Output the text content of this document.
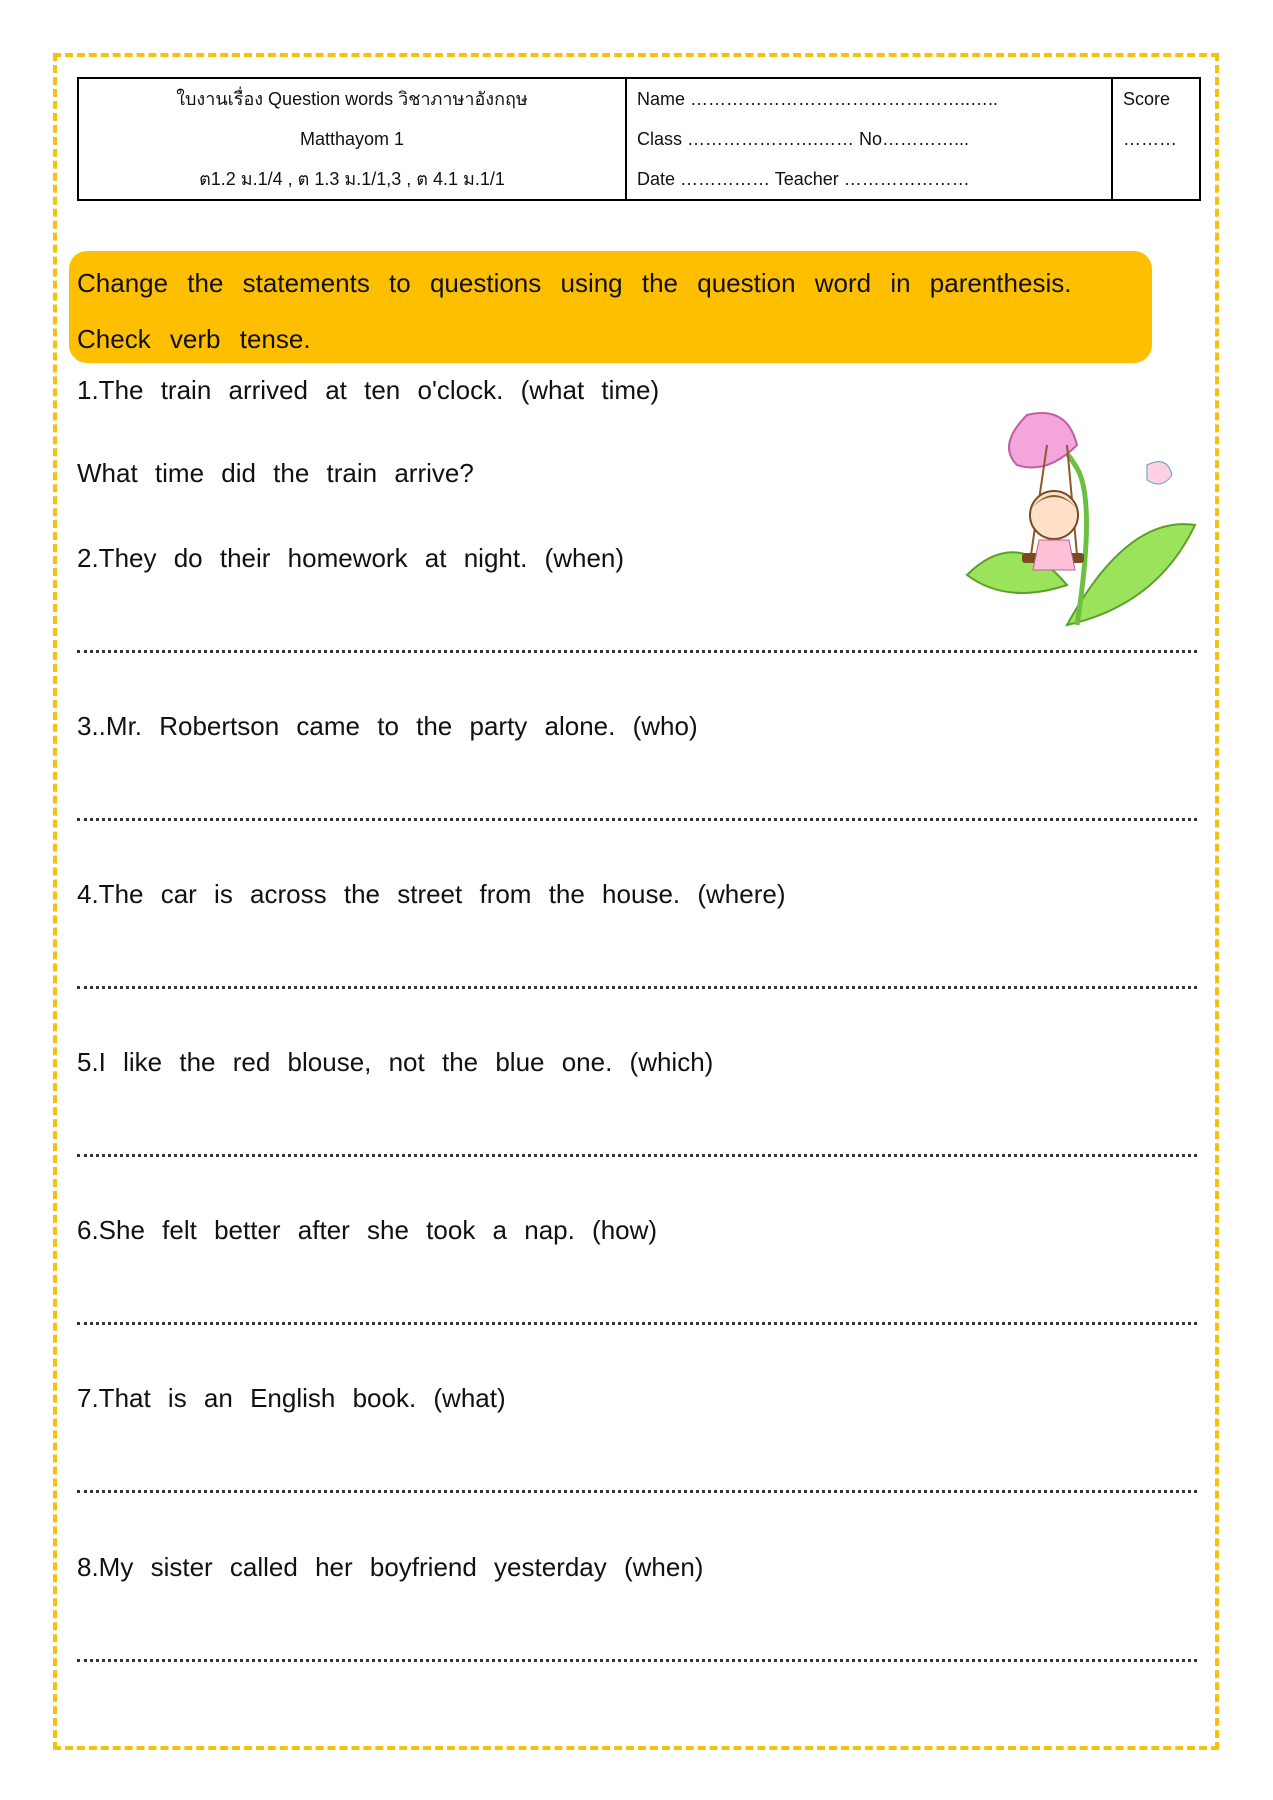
ใบงานเรื่อง Question words วิชาภาษาอังกฤษ
Matthayom 1
ต1.2 ม.1/4 , ต 1.3 ม.1/1,3 , ต 4.1 ม.1/1
Name ………………………………………..…..
Class ………………….…… No…………...
Date …………… Teacher …………………
Score
………
Change the statements to questions using the question word in parenthesis.
Check verb tense.
1.The train arrived at ten o'clock. (what time)
What time did the train arrive?
2.They do their homework at night. (when)
3..Mr. Robertson came to the party alone. (who)
4.The car is across the street from the house. (where)
5.I like the red blouse, not the blue one. (which)
6.She felt better after she took a nap. (how)
7.That is an English book. (what)
8.My sister called her boyfriend yesterday (when)
